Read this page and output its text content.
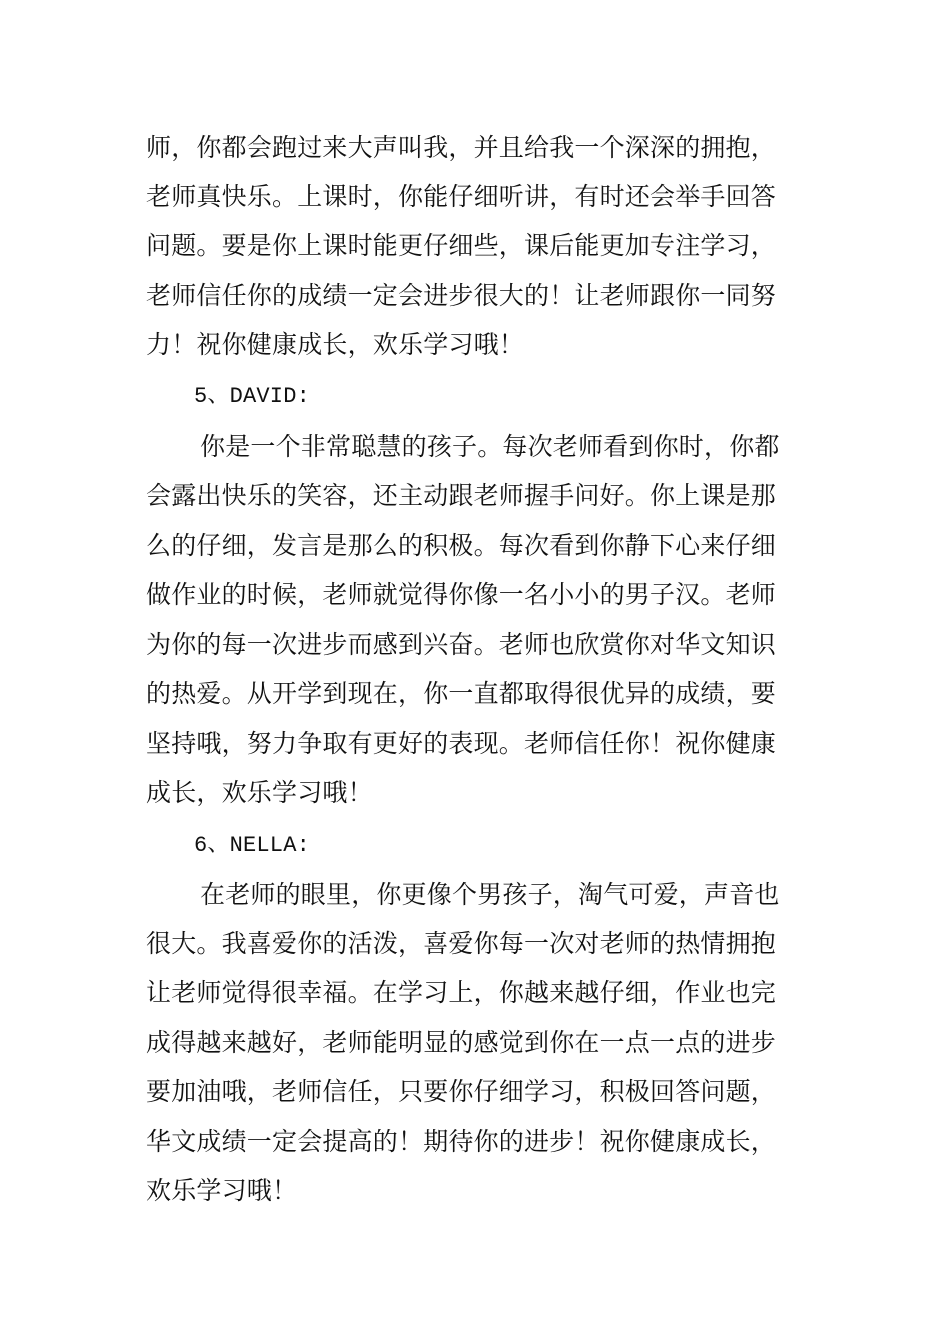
师，你都会跑过来大声叫我，并且给我一个深深的拥抱，
老师真快乐。上课时，你能仔细听讲，有时还会举手回答
问题。要是你上课时能更仔细些，课后能更加专注学习，
老师信任你的成绩一定会进步很大的！让老师跟你一同努
力！祝你健康成长，欢乐学习哦！
5、DAVID:
你是一个非常聪慧的孩子。每次老师看到你时，你都
会露出快乐的笑容，还主动跟老师握手问好。你上课是那
么的仔细，发言是那么的积极。每次看到你静下心来仔细
做作业的时候，老师就觉得你像一名小小的男子汉。老师
为你的每一次进步而感到兴奋。老师也欣赏你对华文知识
的热爱。从开学到现在，你一直都取得很优异的成绩，要
坚持哦，努力争取有更好的表现。老师信任你！祝你健康
成长，欢乐学习哦！
6、NELLA:
在老师的眼里，你更像个男孩子，淘气可爱，声音也
很大。我喜爱你的活泼，喜爱你每一次对老师的热情拥抱
让老师觉得很幸福。在学习上，你越来越仔细，作业也完
成得越来越好，老师能明显的感觉到你在一点一点的进步
要加油哦，老师信任，只要你仔细学习，积极回答问题，
华文成绩一定会提高的！期待你的进步！祝你健康成长，
欢乐学习哦！
